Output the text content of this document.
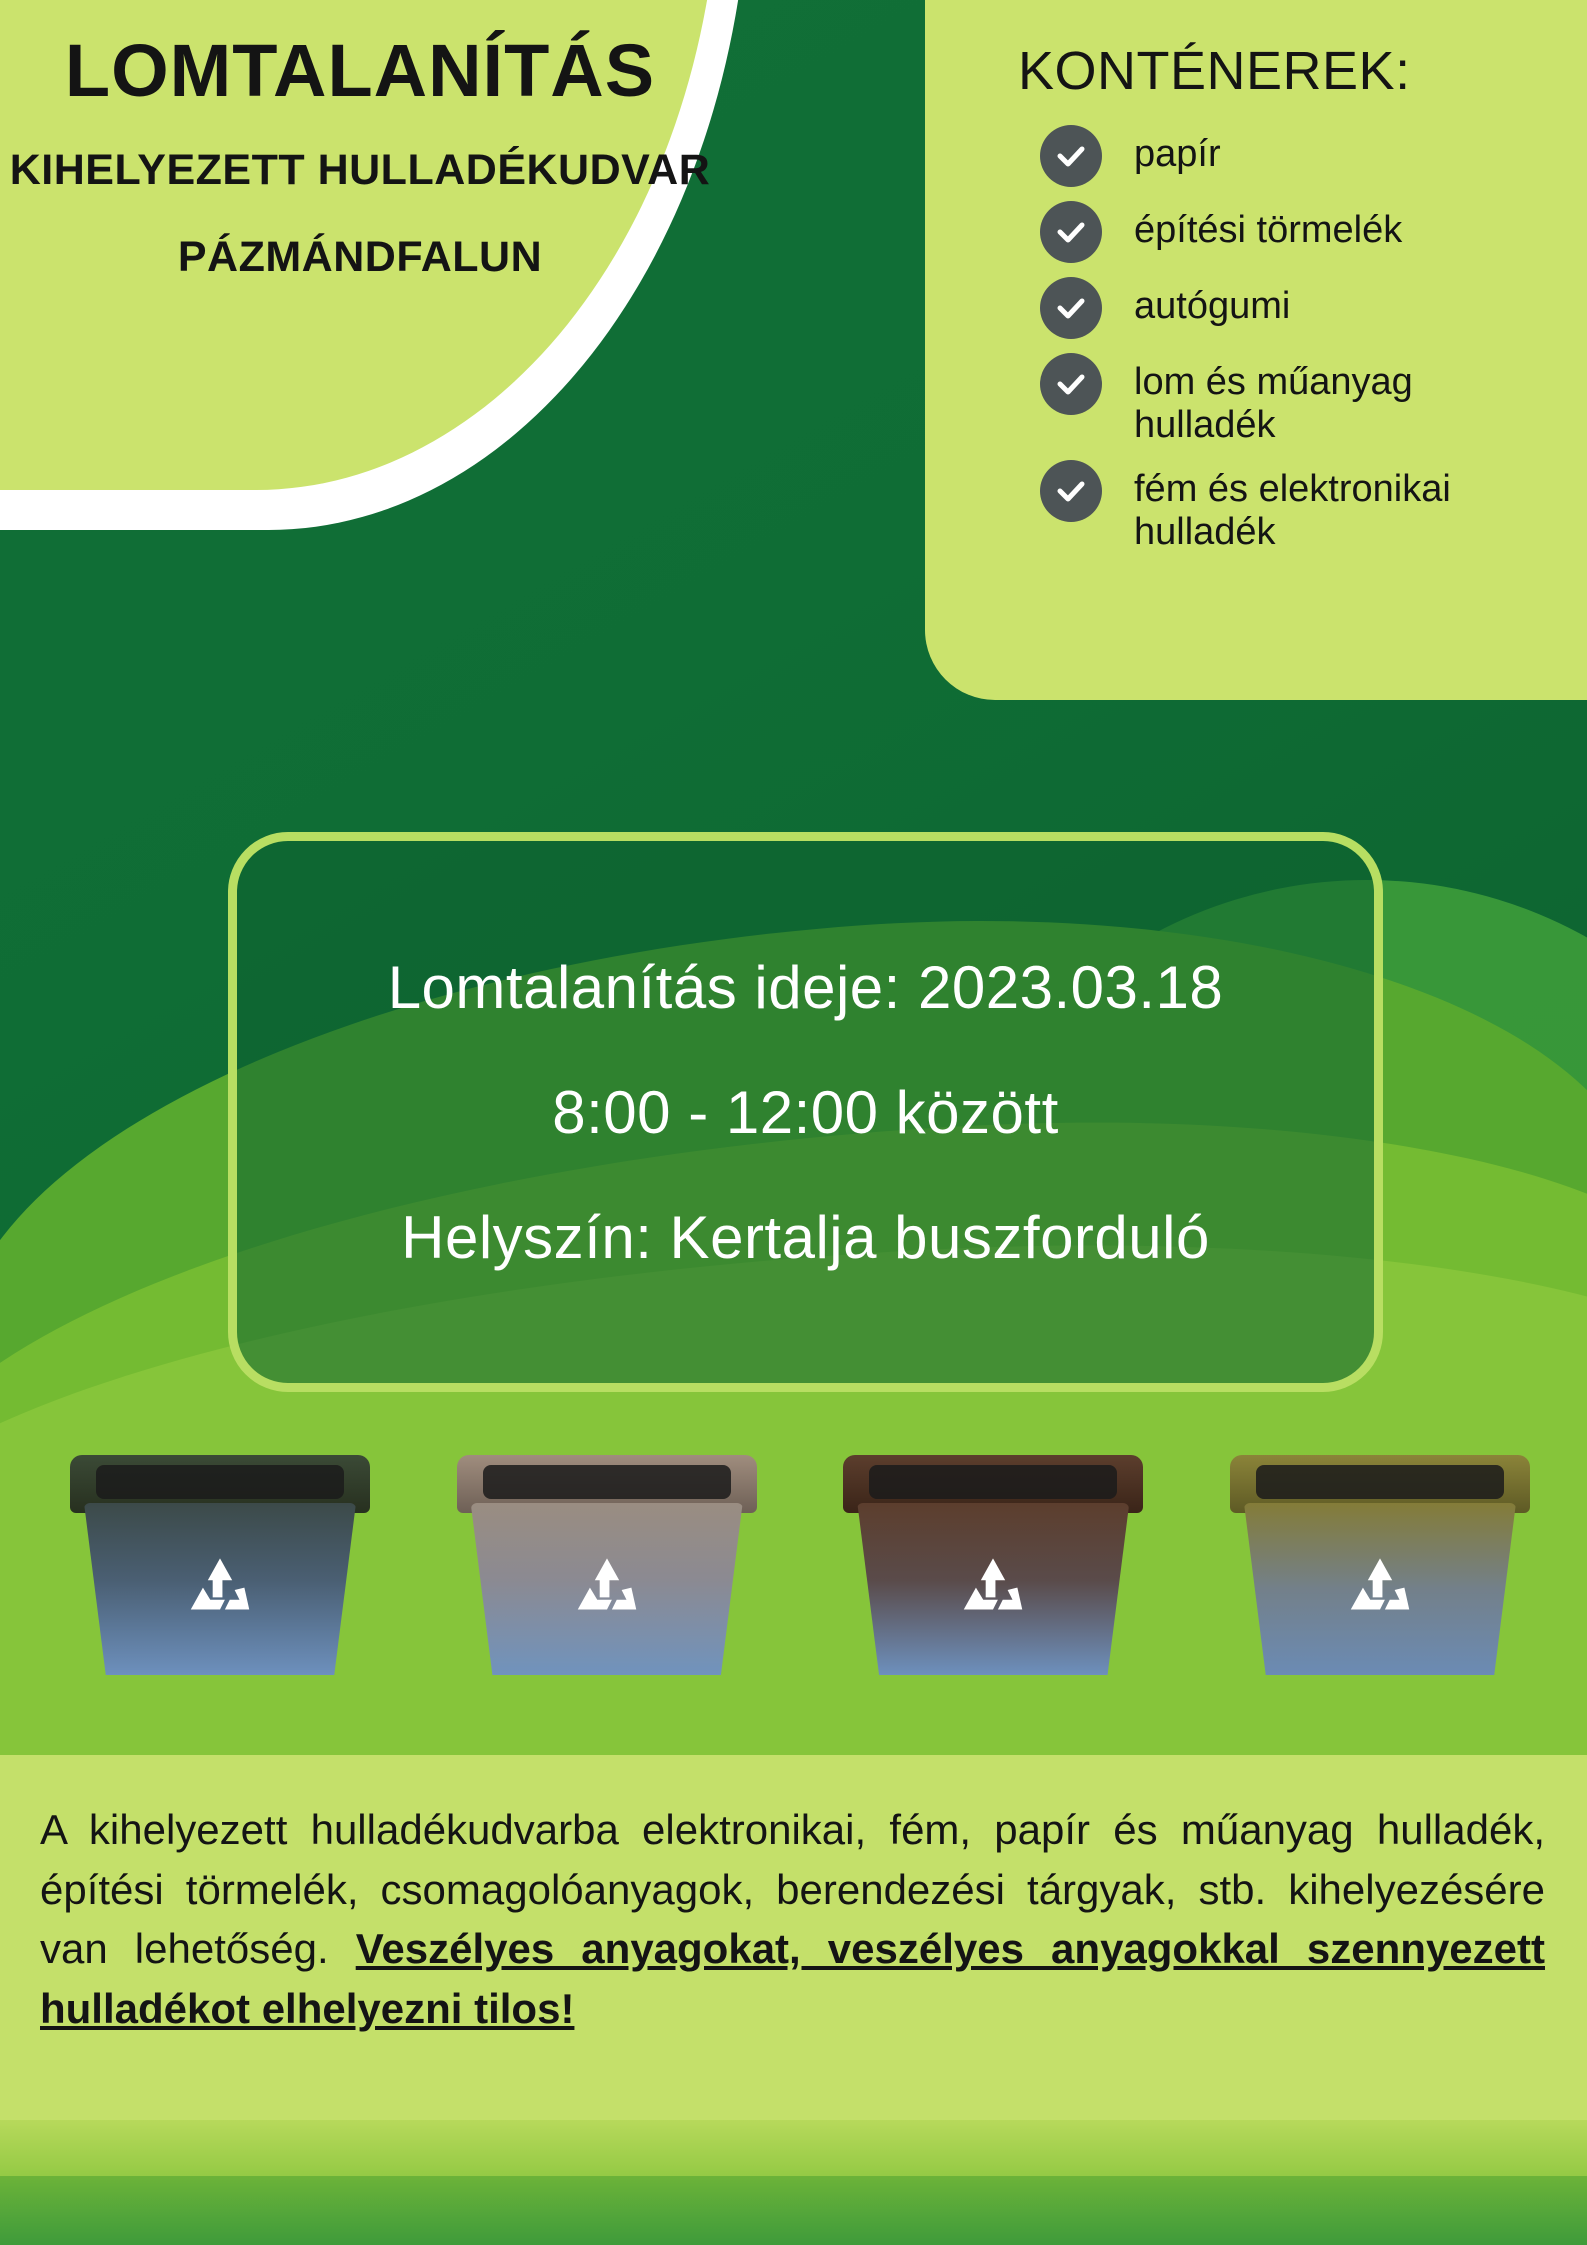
LOMTALANÍTÁS
KIHELYEZETT HULLADÉKUDVAR
PÁZMÁNDFALUN
KONTÉNEREK:
papír
építési törmelék
autógumi
lom és műanyag hulladék
fém és elektronikai hulladék
Lomtalanítás ideje: 2023.03.18
8:00 - 12:00 között
Helyszín: Kertalja buszforduló
A kihelyezett hulladékudvarba elektronikai, fém, papír és műanyag hulladék, építési törmelék, csomagolóanyagok, berendezési tárgyak, stb. kihelyezésére van lehetőség. Veszélyes anyagokat, veszélyes anyagokkal szennyezett hulladékot elhelyezni tilos!
